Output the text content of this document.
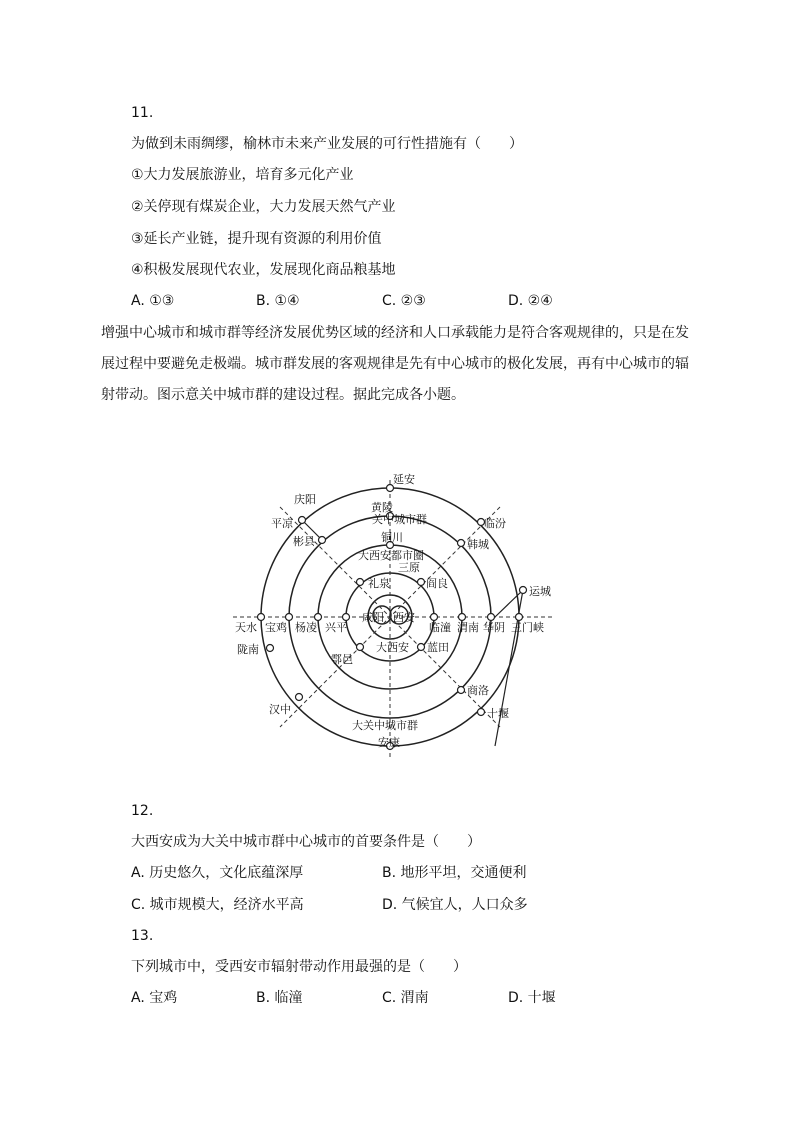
11.
为做到未雨绸缪，榆林市未来产业发展的可行性措施有（　　）
①大力发展旅游业，培育多元化产业
②关停现有煤炭企业，大力发展天然气产业
③延长产业链，提升现有资源的利用价值
④积极发展现代农业，发展现化商品粮基地
A. ①③	B. ①④	C. ②③	D. ②④
增强中心城市和城市群等经济发展优势区域的经济和人口承载能力是符合客观规律的，只是在发展过程中要避免走极端。城市群发展的客观规律是先有中心城市的极化发展，再有中心城市的辐射带动。图示意关中城市群的建设过程。据此完成各小题。
关中城市群
大西安都市圈
大西安
大关中城市群
咸阳 西安
延安
庆阳
平凉
彬县
黄陵
铜川
三原
礼泉	阎良
临汾
韩城
运城
天水 宝鸡 杨凌 兴平	临潼 渭南 华阴 三门峡
陇南
鄠邑
蓝田
商洛
汉中	十堰
安康
12.
大西安成为大关中城市群中心城市的首要条件是（　　）
A. 历史悠久，文化底蕴深厚	B. 地形平坦，交通便利
C. 城市规模大，经济水平高	D. 气候宜人，人口众多
13.
下列城市中，受西安市辐射带动作用最强的是（　　）
A. 宝鸡	B. 临潼	C. 渭南	D. 十堰
